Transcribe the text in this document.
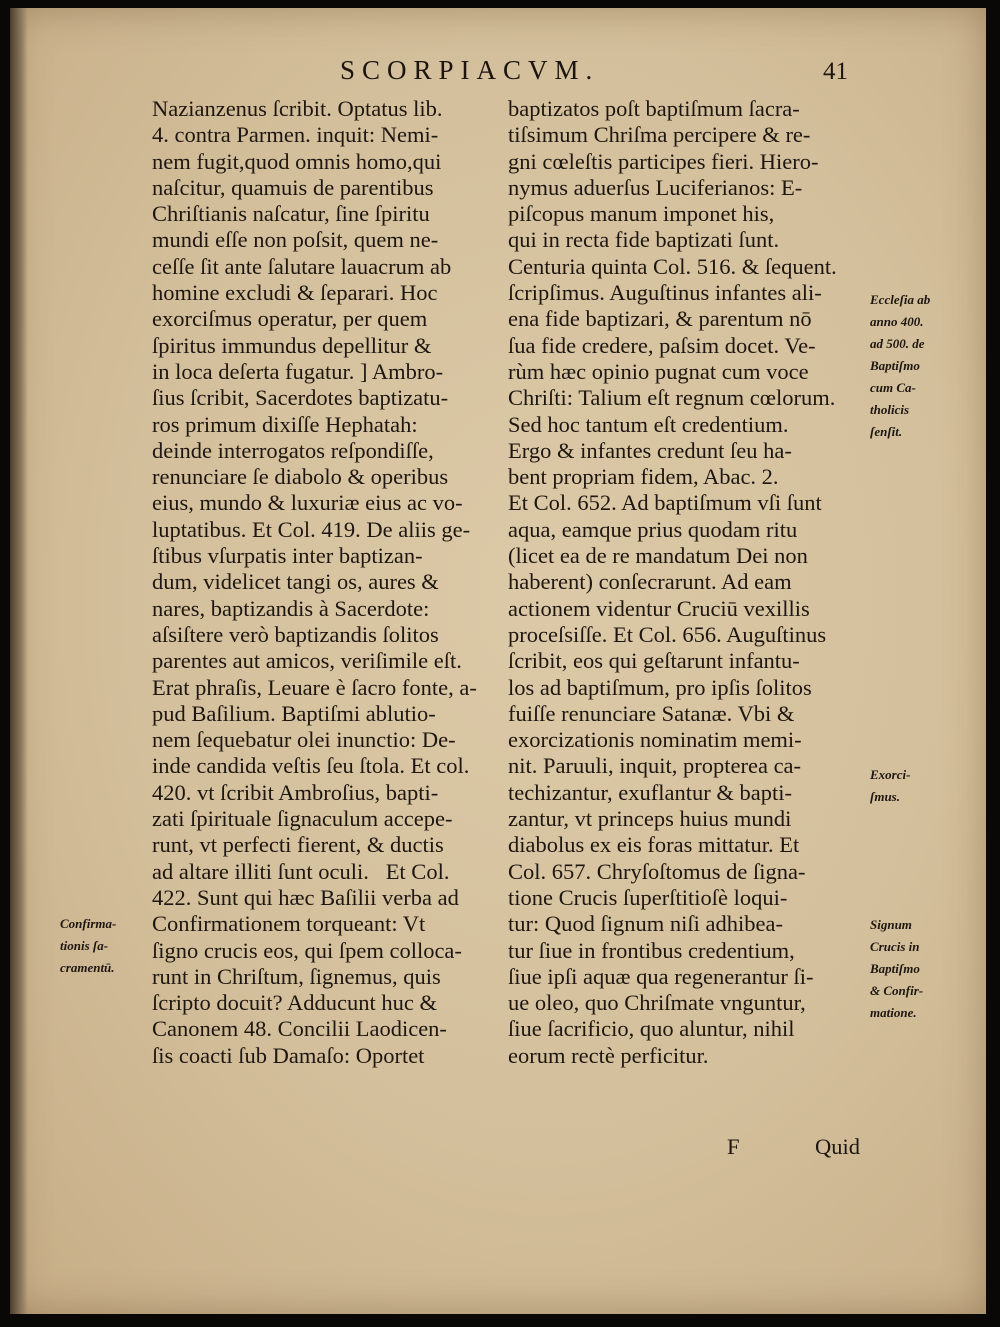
SCORPIACVM.	41
Nazianzenus ſcribit. Optatus lib.
4. contra Parmen. inquit: Nemi-
nem fugit,quod omnis homo,qui
naſcitur, quamuis de parentibus
Chriſtianis naſcatur, ſine ſpiritu
mundi eſſe non poſsit, quem ne-
ceſſe ſit ante ſalutare lauacrum ab
homine excludi & ſeparari. Hoc
exorciſmus operatur, per quem
ſpiritus immundus depellitur &
in loca deſerta fugatur. ] Ambro-
ſius ſcribit, Sacerdotes baptizatu-
ros primum dixiſſe Hephatah:
deinde interrogatos reſpondiſſe,
renunciare ſe diabolo & operibus
eius, mundo & luxuriæ eius ac vo-
luptatibus. Et Col. 419. De aliis ge-
ſtibus vſurpatis inter baptizan-
dum, videlicet tangi os, aures &
nares, baptizandis à Sacerdote:
aſsiſtere verò baptizandis ſolitos
parentes aut amicos, veriſimile eſt.
Erat phraſis, Leuare è ſacro fonte, a-
pud Baſilium. Baptiſmi ablutio-
nem ſequebatur olei inunctio: De-
inde candida veſtis ſeu ſtola. Et col.
420. vt ſcribit Ambroſius, bapti-
zati ſpirituale ſignaculum accepe-
runt, vt perfecti fierent, & ductis
ad altare illiti ſunt oculi.   Et Col.
422. Sunt qui hæc Baſilii verba ad
Confirmationem torqueant: Vt
ſigno crucis eos, qui ſpem colloca-
runt in Chriſtum, ſignemus, quis
ſcripto docuit? Adducunt huc &
Canonem 48. Concilii Laodicen-
ſis coacti ſub Damaſo: Oportet
baptizatos poſt baptiſmum ſacra-
tiſsimum Chriſma percipere & re-
gni cœleſtis participes fieri. Hiero-
nymus aduerſus Luciferianos: E-
piſcopus manum imponet his,
qui in recta fide baptizati ſunt.
Centuria quinta Col. 516. & ſequent.
ſcripſimus. Auguſtinus infantes ali-
ena fide baptizari, & parentum nō
ſua fide credere, paſsim docet. Ve-
rùm hæc opinio pugnat cum voce
Chriſti: Talium eſt regnum cœlorum.
Sed hoc tantum eſt credentium.
Ergo & infantes credunt ſeu ha-
bent propriam fidem, Abac. 2.
Et Col. 652. Ad baptiſmum vſi ſunt
aqua, eamque prius quodam ritu
(licet ea de re mandatum Dei non
haberent) conſecrarunt. Ad eam
actionem videntur Cruciū vexillis
proceſsiſſe. Et Col. 656. Auguſtinus
ſcribit, eos qui geſtarunt infantu-
los ad baptiſmum, pro ipſis ſolitos
fuiſſe renunciare Satanæ. Vbi &
exorcizationis nominatim memi-
nit. Paruuli, inquit, propterea ca-
techizantur, exuflantur & bapti-
zantur, vt princeps huius mundi
diabolus ex eis foras mittatur. Et
Col. 657. Chryſoſtomus de ſigna-
tione Crucis ſuperſtitioſè loqui-
tur: Quod ſignum niſi adhibea-
tur ſiue in frontibus credentium,
ſiue ipſi aquæ qua regenerantur ſi-
ue oleo, quo Chriſmate vnguntur,
ſiue ſacrificio, quo aluntur, nihil
eorum rectè perficitur.
Confirma-
tionis ſa-
cramentū.
Eccleſia ab
anno 400.
ad 500. de
Baptiſmo
cum Ca-
tholicis
ſenſit.
Exorci-
ſmus.
Signum
Crucis in
Baptiſmo
& Confir-
matione.
F	Quid
